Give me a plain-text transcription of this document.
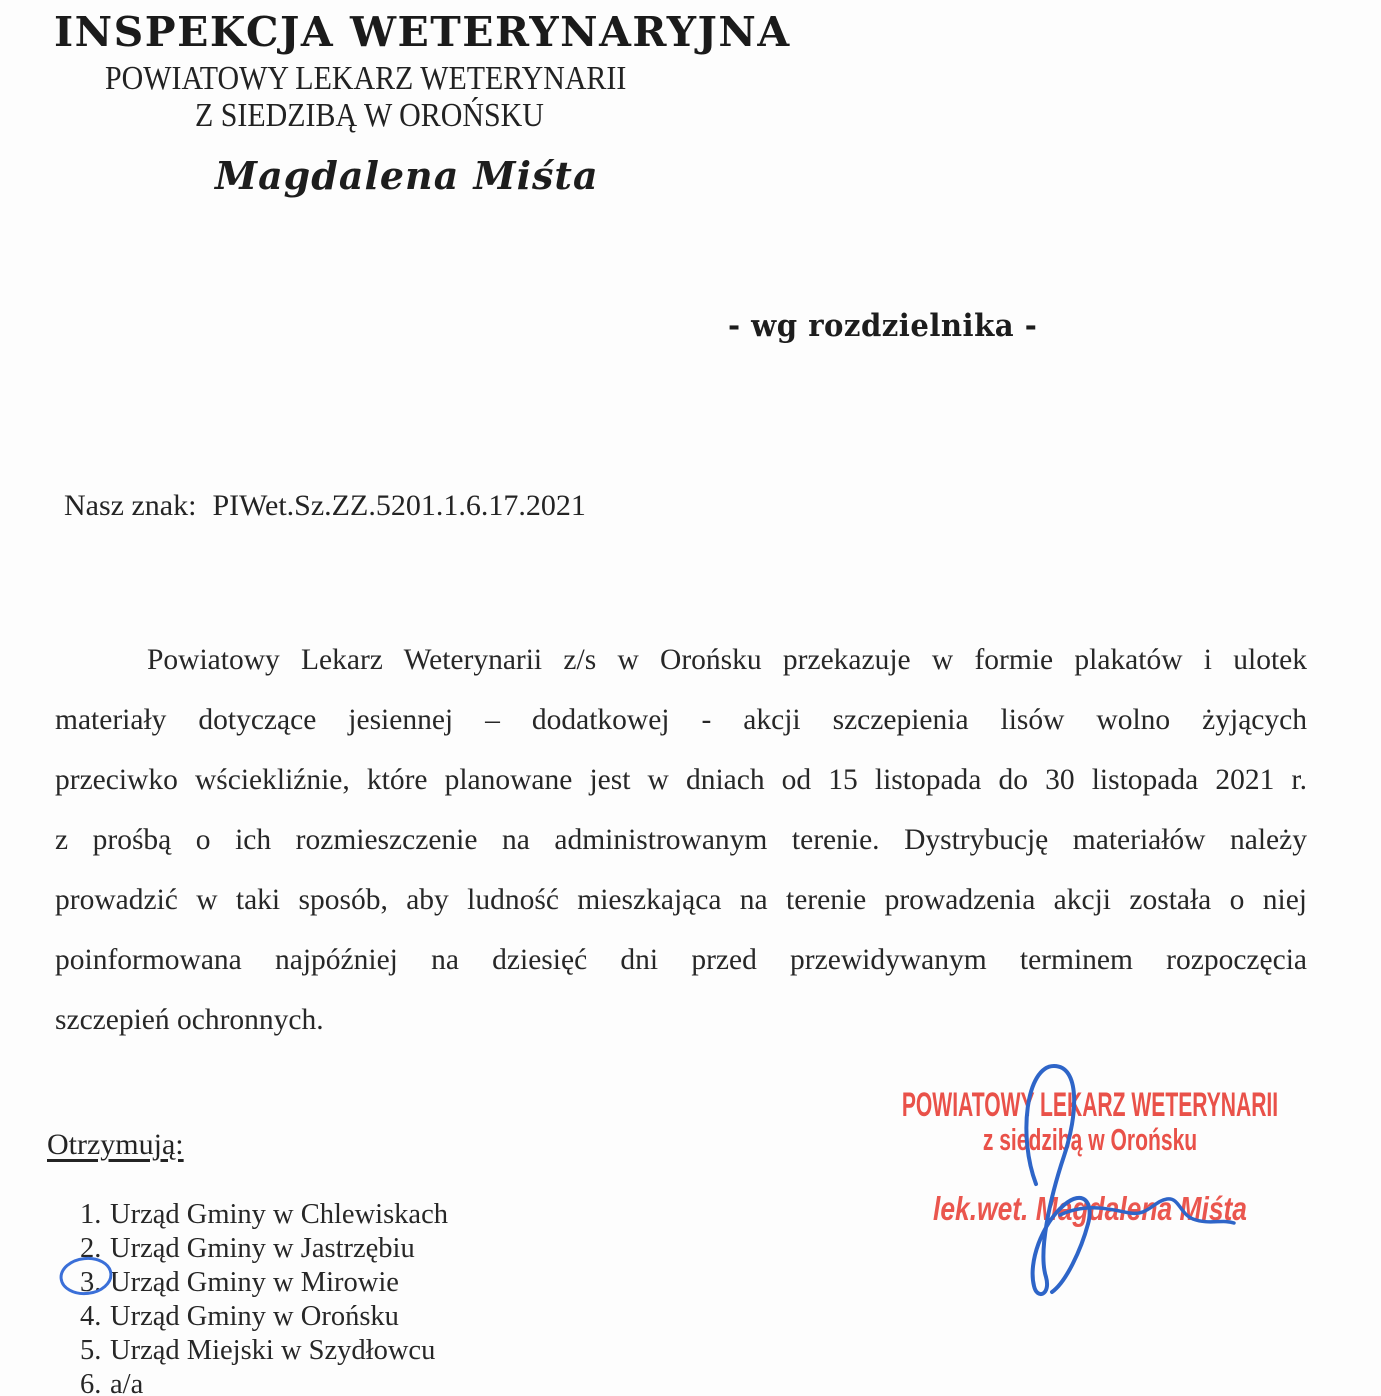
INSPEKCJA WETERYNARYJNA
POWIATOWY LEKARZ WETERYNARII
Z SIEDZIBĄ W OROŃSKU
Magdalena Miśta
- wg rozdzielnika -
Nasz znak: PIWet.Sz.ZZ.5201.1.6.17.2021
Powiatowy Lekarz Weterynarii z/s w Orońsku przekazuje w formie plakatów i ulotek
materiały dotyczące jesiennej – dodatkowej - akcji szczepienia lisów wolno żyjących
przeciwko wściekliźnie, które planowane jest w dniach od 15 listopada do 30 listopada 2021 r.
z prośbą o ich rozmieszczenie na administrowanym terenie. Dystrybucję materiałów należy
prowadzić w taki sposób, aby ludność mieszkająca na terenie prowadzenia akcji została o niej
poinformowana najpóźniej na dziesięć dni przed przewidywanym terminem rozpoczęcia
szczepień ochronnych.
Otrzymują:
1. Urząd Gminy w Chlewiskach
2. Urząd Gminy w Jastrzębiu
3. Urząd Gminy w Mirowie
4. Urząd Gminy w Orońsku
5. Urząd Miejski w Szydłowcu
6. a/a
POWIATOWY LEKARZ WETERYNARII
z siedzibą w Orońsku
lek.wet. Magdalena Miśta
